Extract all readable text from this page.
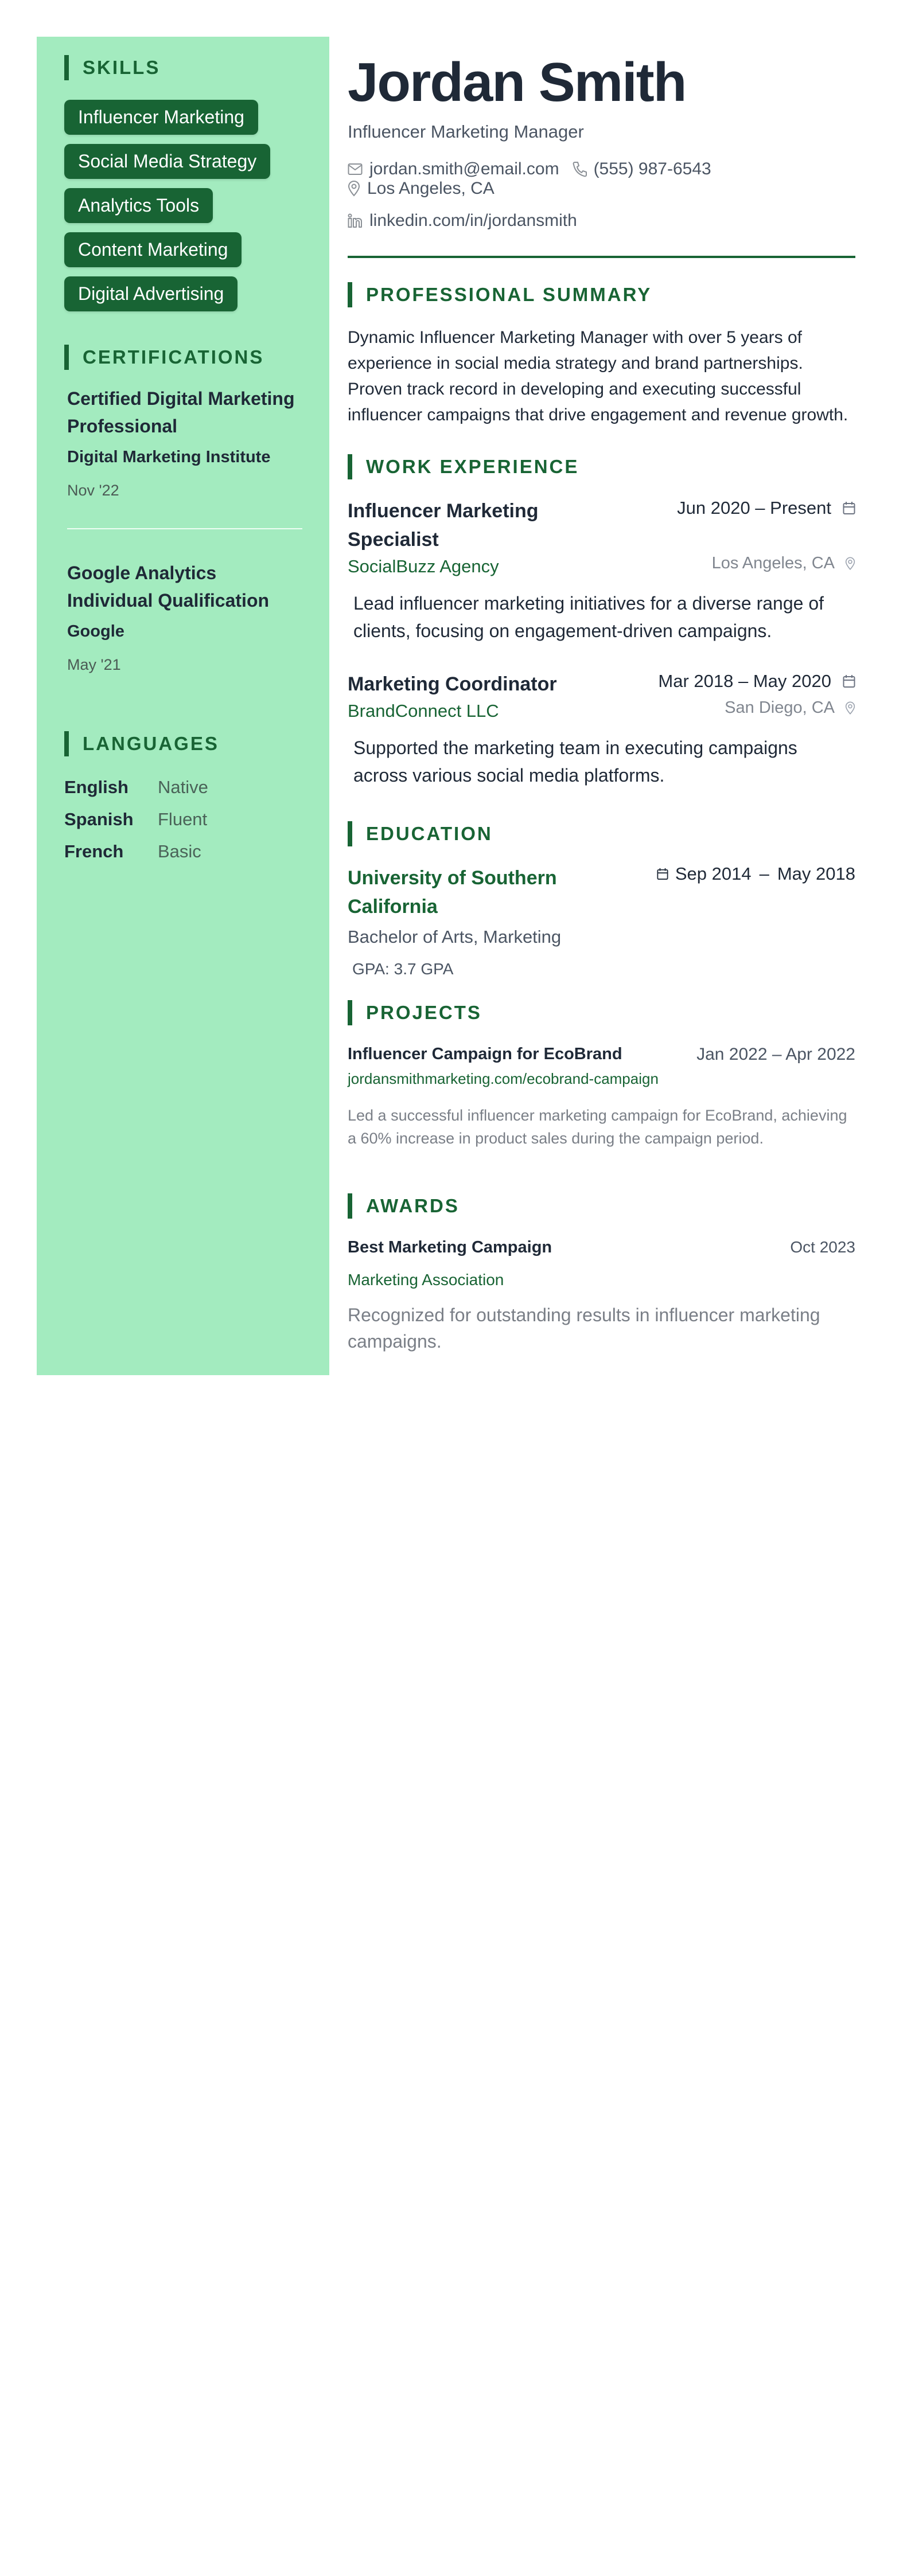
SKILLS
Influencer Marketing
Social Media Strategy
Analytics Tools
Content Marketing
Digital Advertising
CERTIFICATIONS
Certified Digital Marketing Professional
Digital Marketing Institute
Nov '22
Google Analytics Individual Qualification
Google
May '21
LANGUAGES
English	Native
Spanish	Fluent
French	Basic
Jordan Smith
Influencer Marketing Manager
jordan.smith@email.com (555) 987-6543
Los Angeles, CA
linkedin.com/in/jordansmith
PROFESSIONAL SUMMARY

Dynamic Influencer Marketing Manager with over 5 years of experience in social media strategy and brand partnerships. Proven track record in developing and executing successful influencer campaigns that drive engagement and revenue growth.

WORK EXPERIENCE
Influencer Marketing Specialist
Jun 2020 – Present
SocialBuzz Agency	Los Angeles, CA

Lead influencer marketing initiatives for a diverse range of clients, focusing on engagement-driven campaigns.

Marketing Coordinator	Mar 2018 – May 2020
BrandConnect LLC	San Diego, CA

Supported the marketing team in executing campaigns across various social media platforms.

EDUCATION
University of Southern California
Sep 2014 – May 2018
Bachelor of Arts, Marketing
GPA: 3.7 GPA
PROJECTS
Influencer Campaign for EcoBrand	Jan 2022 – Apr 2022
jordansmithmarketing.com/ecobrand-campaign

Led a successful influencer marketing campaign for EcoBrand, achieving a 60% increase in product sales during the campaign period.

AWARDS
Best Marketing Campaign	Oct 2023
Marketing Association

Recognized for outstanding results in influencer marketing campaigns.
